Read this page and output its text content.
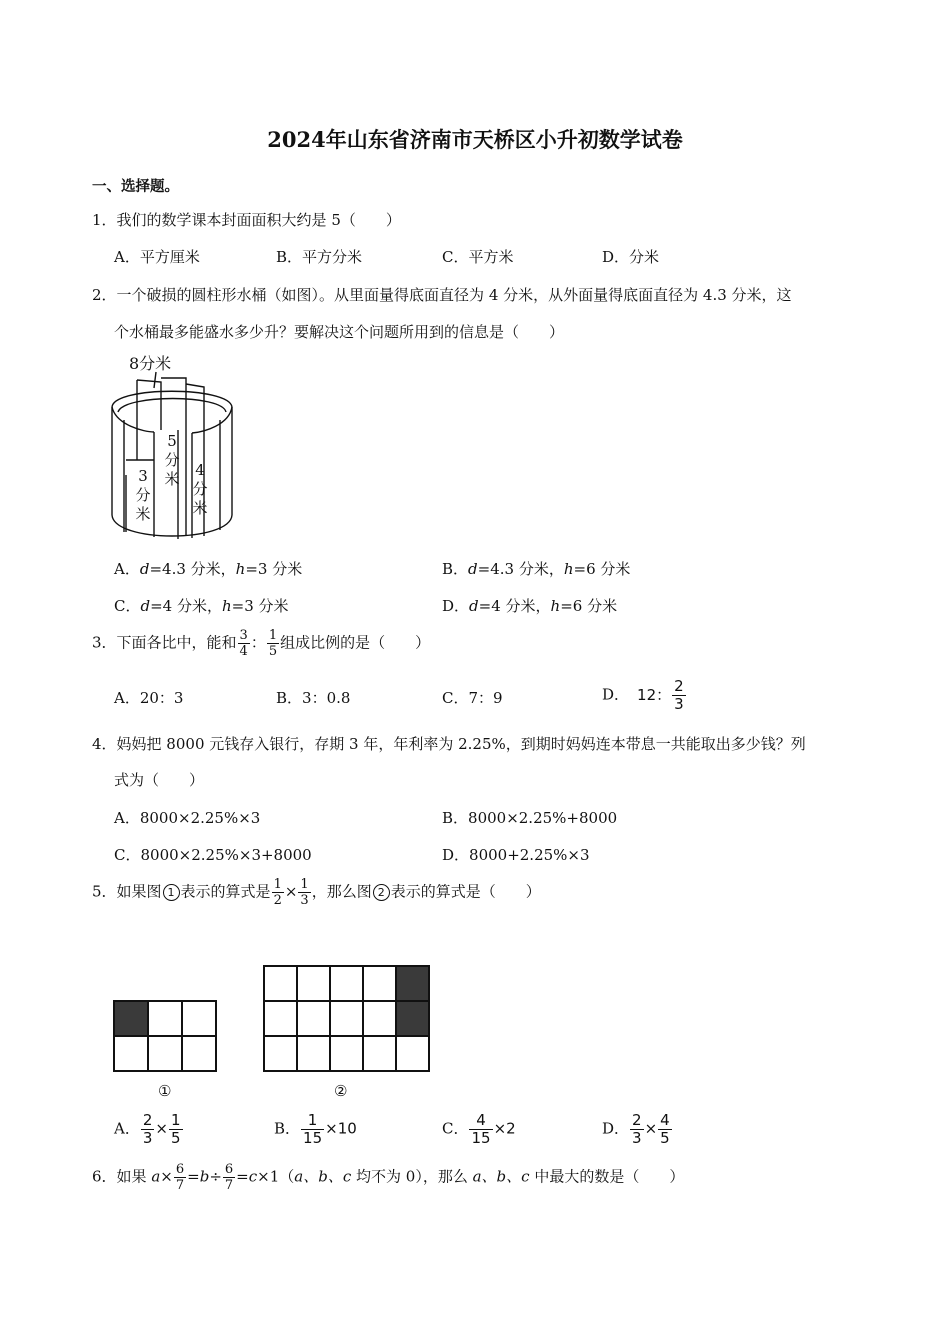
2024年山东省济南市天桥区小升初数学试卷
一、选择题。
1．我们的数学课本封面面积大约是 5（　　）
A．平方厘米	B．平方分米	C．平方米	D．分米
2．一个破损的圆柱形水桶（如图）。从里面量得底面直径为 4 分米，从外面量得底面直径为 4.3 分米，这
个水桶最多能盛水多少升？要解决这个问题所用到的信息是（　　）
8分米
5
分
米
3
分
米
4
分
米
A．d=4.3 分米，h=3 分米	B．d=4.3 分米，h=6 分米
C．d=4 分米，h=3 分米	D．d=4 分米，h=6 分米
3．下面各比中，能和 $\frac{3}{4}$ ： $\frac{1}{5}$ 组成比例的是（　　）
A．20：3	B．3：0.8	C．7：9	D． 12： $\frac{2}{3}$
4．妈妈把 8000 元钱存入银行，存期 3 年，年利率为 2.25%，到期时妈妈连本带息一共能取出多少钱？列
式为（　　）
A．8000×2.25%×3	B．8000×2.25%+8000
C．8000×2.25%×3+8000	D．8000+2.25%×3
5．如果图 1 表示的算式是 $\frac{1}{2} \times \frac{1}{3}$ ，那么图 2 表示的算式是（　　）

①

					②
A． $\frac{2}{3} \times \frac{1}{5}$	B． $\frac{1}{15} \times 10$	C． $\frac{4}{15} \times 2$	D． $\frac{2}{3} \times \frac{4}{5}$
6．如果 $a\times \frac{6}{7} =b\div \frac{6}{7} =c\times 1(a$、b、c 均不为 0），那么 a、b、c 中最大的数是（　　）
